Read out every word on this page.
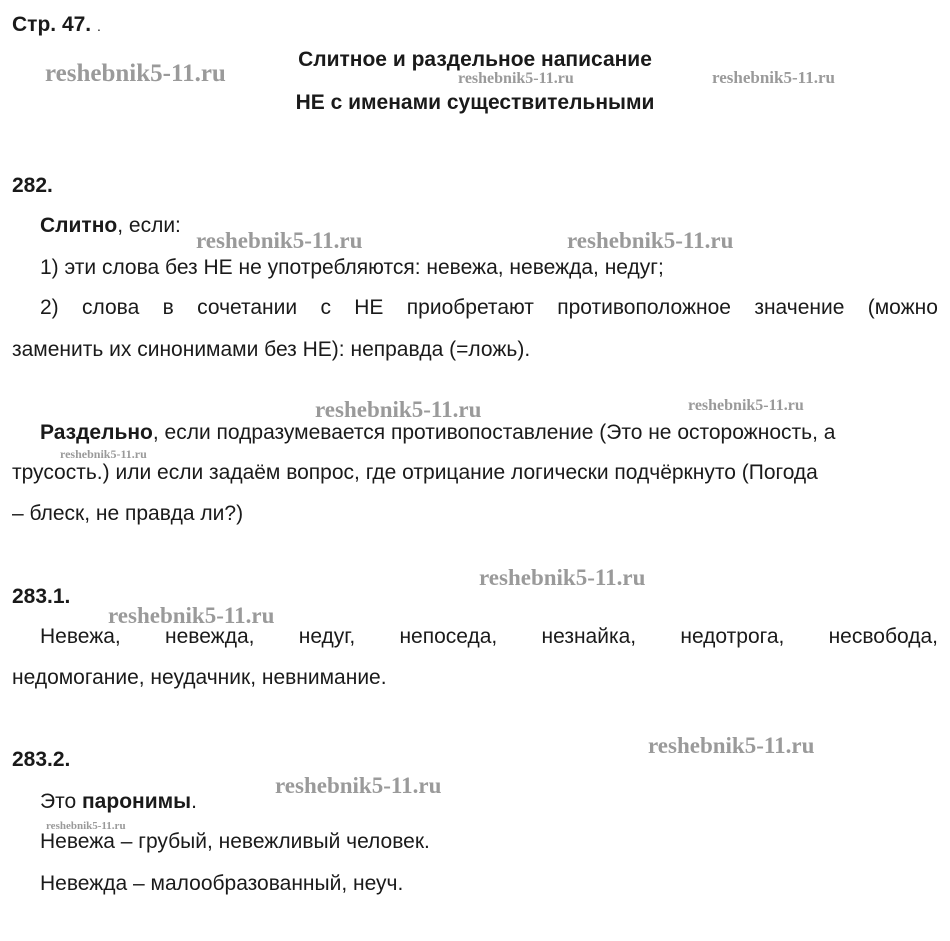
Стр. 47. .
Слитное и раздельное написание
НЕ с именами существительными
282.
Слитно, если:
1) эти слова без НЕ не употребляются: невежа, невежда, недуг;
2) слова в сочетании с НЕ приобретают противоположное значение (можно
заменить их синонимами без НЕ): неправда (=ложь).
Раздельно, если подразумевается противопоставление (Это не осторожность, а
трусость.) или если задаём вопрос, где отрицание логически подчёркнуто (Погода
– блеск, не правда ли?)
283.1.
Невежа, невежда, недуг, непоседа, незнайка, недотрога, несвобода,
недомогание, неудачник, невнимание.
283.2.
Это паронимы.
Невежа – грубый, невежливый человек.
Невежда – малообразованный, неуч.
reshebnik5-11.ru	reshebnik5-11.ru	reshebnik5-11.ru
reshebnik5-11.ru	reshebnik5-11.ru
reshebnik5-11.ru	reshebnik5-11.ru
reshebnik5-11.ru
reshebnik5-11.ru
reshebnik5-11.ru
reshebnik5-11.ru
reshebnik5-11.ru
reshebnik5-11.ru
